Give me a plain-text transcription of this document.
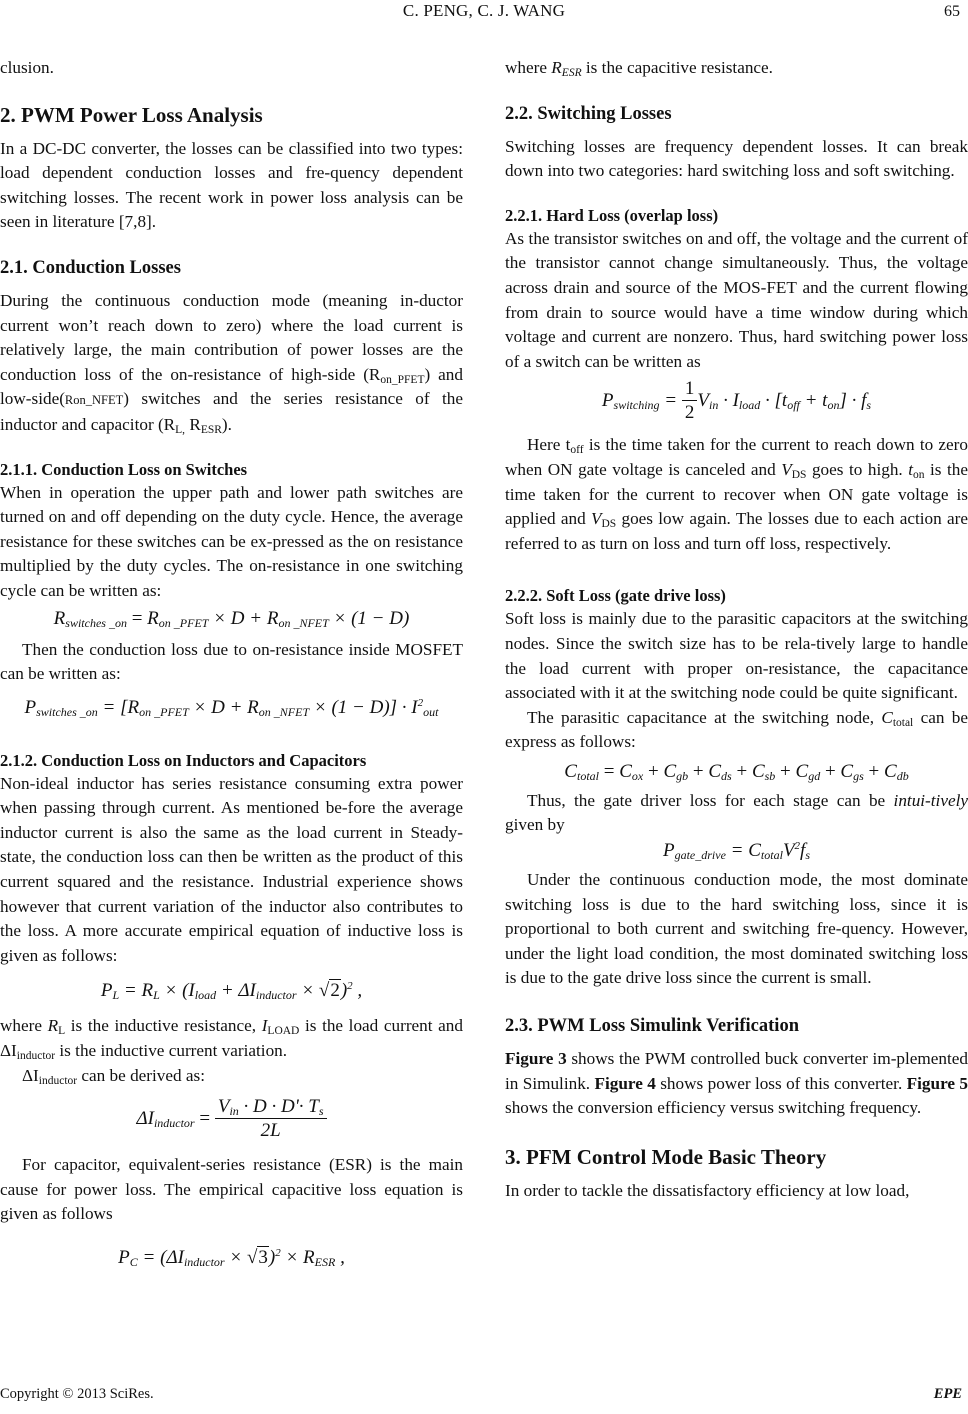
C. PENG, C. J. WANG	65

clusion.

2. PWM Power Loss Analysis

In a DC-DC converter, the losses can be classified into two types: load dependent conduction losses and fre-quency dependent switching losses. The recent work in power loss analysis can be seen in literature [7,8].

2.1. Conduction Losses

During the continuous conduction mode (meaning in-ductor current won’t reach down to zero) where the load current is relatively large, the main contribution of power losses are the conduction loss of the on-resistance of high-side $(R_{on\_PFET})$ and low-side(Ron_NFET) switches and the series resistance of the inductor and capacitor ($R_{L,}$ $R_{ESR}$).

2.1.1. Conduction Loss on Switches

When in operation the upper path and lower path switches are turned on and off depending on the duty cycle. Hence, the average resistance for these switches can be ex-pressed as the on resistance multiplied by the duty cycles. The on-resistance in one switching cycle can be written as:

$R_{switches \_on} = R_{on \_PFET} \times D + R_{on \_NFET} \times (1 - D)$

Then the conduction loss due to on-resistance inside MOSFET can be written as:

$P_{switches \_on} = [R_{on \_PFET} \times D + R_{on \_NFET} \times (1 - D)] \cdot I^2_{out}$
2.1.2. Conduction Loss on Inductors and Capacitors

Non-ideal inductor has series resistance consuming extra power when passing through current. As mentioned be-fore the average inductor current is also the same as the load current in Steady-state, the conduction loss can then be written as the product of this current squared and the resistance. Industrial experience shows however that current variation of the inductor also contributes to the loss. A more accurate empirical equation of inductive loss is given as follows:

$P_L = R_L \times (I_{load} + \Delta I_{inductor} \times √2)^2$ ,

where $R_L$ is the inductive resistance, $I_{LOAD}$ is the load current and $\Delta I_{inductor}$ is the inductive current variation.

$\Delta I_{inductor}$ can be derived as:

$\Delta I_{inductor} = \frac{V_{in} \cdot D \cdot D'\cdot T_s}{2L}$

For capacitor, equivalent-series resistance (ESR) is the main cause for power loss. The empirical capacitive loss equation is given as follows

$P_C = (\Delta I_{inductor} \times √3)^2 \times R_{ESR}$ ,

where $R_{ESR}$ is the capacitive resistance.

2.2. Switching Losses

Switching losses are frequency dependent losses. It can break down into two categories: hard switching loss and soft switching.

2.2.1. Hard Loss (overlap loss)

As the transistor switches on and off, the voltage and the current of the transistor cannot change simultaneously. Thus, the voltage across drain and source of the MOS-FET and the current flowing from drain to source would have a time window during which voltage and current are nonzero. Thus, hard switching power loss of a switch can be written as

$P_{switching} = \frac{1}{2} V_{in} \cdot I_{load} \cdot [t_{off} + t_{on}] \cdot f_s$

Here $t_{off}$ is the time taken for the current to reach down to zero when ON gate voltage is canceled and $V_{DS}$ goes to high. $t_{on}$ is the time taken for the current to recover when ON gate voltage is applied and $V_{DS}$ goes low again. The losses due to each action are referred to as turn on loss and turn off loss, respectively.

2.2.2. Soft Loss (gate drive loss)

Soft loss is mainly due to the parasitic capacitors at the switching nodes. Since the switch size has to be rela-tively large to handle the load current with proper on-resistance, the capacitance associated with it at the switching node could be quite significant.

The parasitic capacitance at the switching node, $C_{total}$ can be express as follows:

$C_{total} = C_{ox} + C_{gb} + C_{ds} + C_{sb} + C_{gd} + C_{gs} + C_{db}$

Thus, the gate driver loss for each stage can be intui-tively given by

$P_{gate\_drive} = C_{total}V^2f_s$

Under the continuous conduction mode, the most dominate switching loss is due to the hard switching loss, since it is proportional to both current and switching fre-quency. However, under the light load condition, the most dominated switching loss is due to the gate drive loss since the current is small.

2.3. PWM Loss Simulink Verification

Figure 3 shows the PWM controlled buck converter im-plemented in Simulink. Figure 4 shows power loss of this converter. Figure 5 shows the conversion efficiency versus switching frequency.

3. PFM Control Mode Basic Theory

In order to tackle the dissatisfactory efficiency at low load,

Copyright © 2013 SciRes.	EPE
